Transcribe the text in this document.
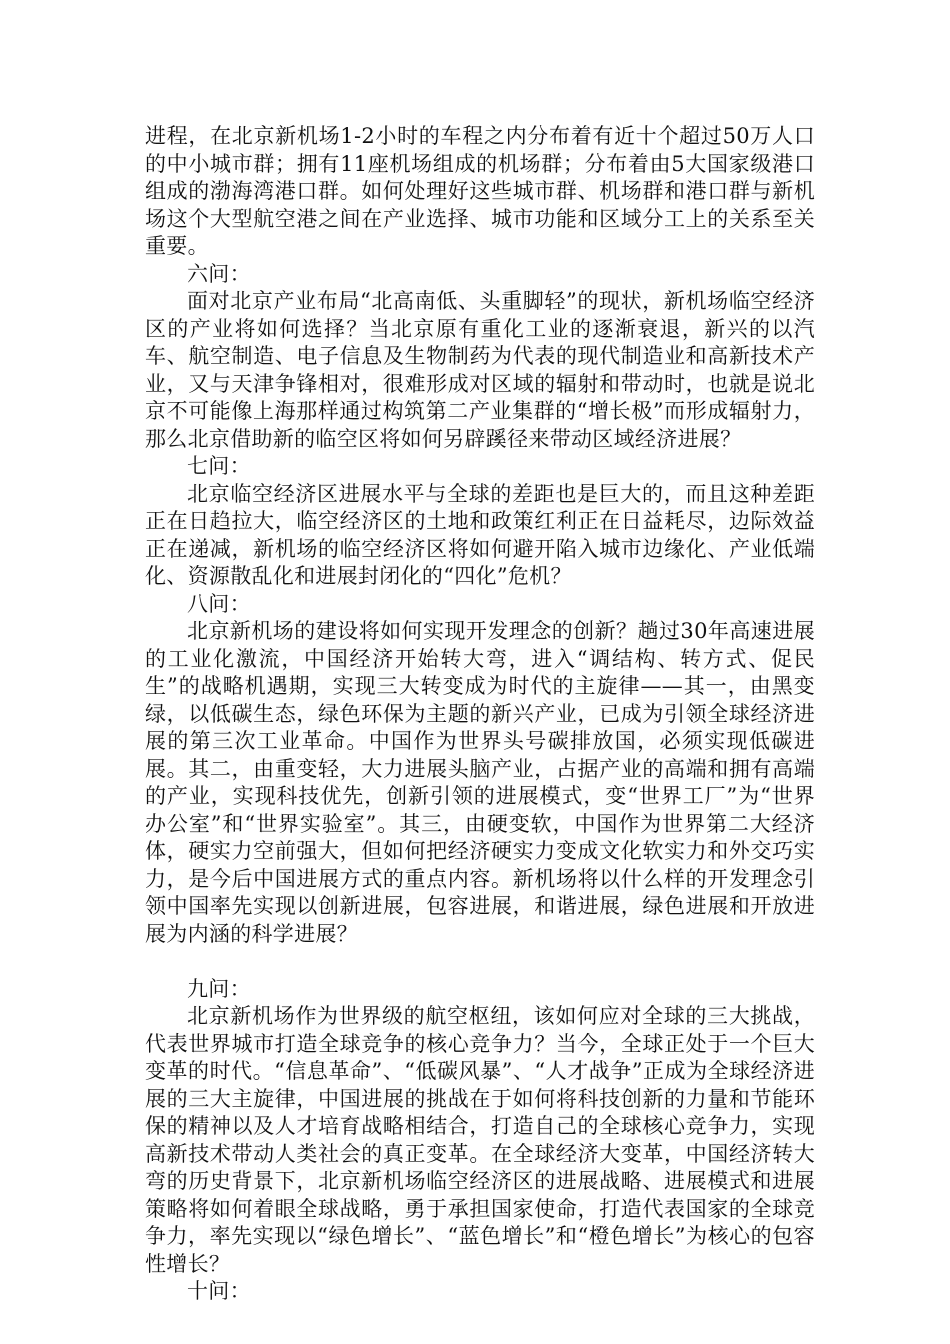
进程，在北京新机场1-2小时的车程之内分布着有近十个超过50万人口的中小城市群；拥有11座机场组成的机场群；分布着由5大国家级港口组成的渤海湾港口群。如何处理好这些城市群、机场群和港口群与新机场这个大型航空港之间在产业选择、城市功能和区域分工上的关系至关重要。

六问：

面对北京产业布局“北高南低、头重脚轻”的现状，新机场临空经济区的产业将如何选择？当北京原有重化工业的逐渐衰退，新兴的以汽车、航空制造、电子信息及生物制药为代表的现代制造业和高新技术产业，又与天津争锋相对，很难形成对区域的辐射和带动时，也就是说北京不可能像上海那样通过构筑第二产业集群的“增长极”而形成辐射力，那么北京借助新的临空区将如何另辟蹊径来带动区域经济进展？

七问：

北京临空经济区进展水平与全球的差距也是巨大的，而且这种差距正在日趋拉大，临空经济区的土地和政策红利正在日益耗尽，边际效益正在递减，新机场的临空经济区将如何避开陷入城市边缘化、产业低端化、资源散乱化和进展封闭化的“四化”危机？

八问：

北京新机场的建设将如何实现开发理念的创新？趟过30年高速进展的工业化激流，中国经济开始转大弯，进入“调结构、转方式、促民生”的战略机遇期，实现三大转变成为时代的主旋律——其一，由黑变绿，以低碳生态，绿色环保为主题的新兴产业，已成为引领全球经济进展的第三次工业革命。中国作为世界头号碳排放国，必须实现低碳进展。其二，由重变轻，大力进展头脑产业，占据产业的高端和拥有高端的产业，实现科技优先，创新引领的进展模式，变“世界工厂”为“世界办公室”和“世界实验室”。其三，由硬变软，中国作为世界第二大经济体，硬实力空前强大，但如何把经济硬实力变成文化软实力和外交巧实力，是今后中国进展方式的重点内容。新机场将以什么样的开发理念引领中国率先实现以创新进展，包容进展，和谐进展，绿色进展和开放进展为内涵的科学进展？

九问：

北京新机场作为世界级的航空枢纽，该如何应对全球的三大挑战，代表世界城市打造全球竞争的核心竞争力？当今，全球正处于一个巨大变革的时代。“信息革命”、“低碳风暴”、“人才战争”正成为全球经济进展的三大主旋律，中国进展的挑战在于如何将科技创新的力量和节能环保的精神以及人才培育战略相结合，打造自己的全球核心竞争力，实现高新技术带动人类社会的真正变革。在全球经济大变革，中国经济转大弯的历史背景下，北京新机场临空经济区的进展战略、进展模式和进展策略将如何着眼全球战略，勇于承担国家使命，打造代表国家的全球竞争力，率先实现以“绿色增长”、“蓝色增长”和“橙色增长”为核心的包容性增长？

十问：
